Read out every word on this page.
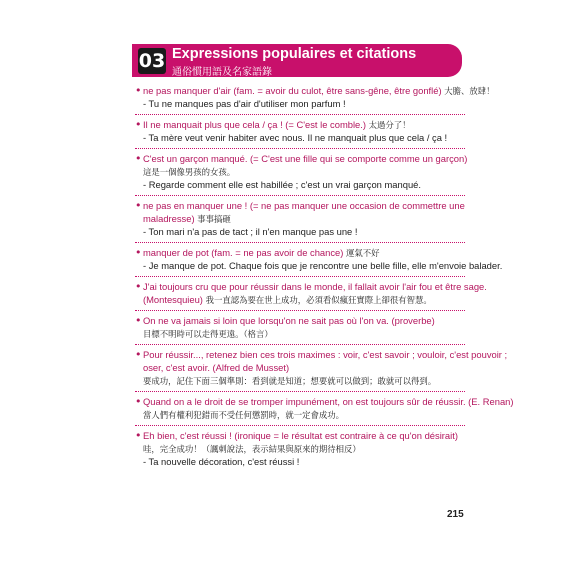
03 Expressions populaires et citations
通俗慣用語及名家語錄
• ne pas manquer d'air (fam. = avoir du culot, être sans-gêne, être gonflé) 大膽、放肆！
- Tu ne manques pas d'air d'utiliser mon parfum !
• Il ne manquait plus que cela / ça ! (= C'est le comble.) 太過分了！
- Ta mère veut venir habiter avec nous. Il ne manquait plus que cela / ça !
• C'est un garçon manqué. (= C'est une fille qui se comporte comme un garçon)
這是一個像男孩的女孩。
- Regarde comment elle est habillée ; c'est un vrai garçon manqué.
• ne pas en manquer une ! (= ne pas manquer une occasion de commettre une
maladresse) 事事搞砸
- Ton mari n'a pas de tact ; il n'en manque pas une !
• manquer de pot (fam. = ne pas avoir de chance) 運氣不好
- Je manque de pot. Chaque fois que je rencontre une belle fille, elle m'envoie balader.
• J'ai toujours cru que pour réussir dans le monde, il fallait avoir l'air fou et être sage.
(Montesquieu) 我一直認為要在世上成功，必須看似瘋狂實際上卻很有智慧。
• On ne va jamais si loin que lorsqu'on ne sait pas où l'on va. (proverbe)
目標不明時可以走得更遠。（格言）
• Pour réussir..., retenez bien ces trois maximes : voir, c'est savoir ; vouloir, c'est pouvoir ;
oser, c'est avoir. (Alfred de Musset)
要成功，記住下面三個準則：看到就是知道；想要就可以做到；敢就可以得到。
• Quand on a le droit de se tromper impunément, on est toujours sûr de réussir. (E. Renan)
當人們有權利犯錯而不受任何懲罰時，就一定會成功。
• Eh bien, c'est réussi ! (ironique = le résultat est contraire à ce qu'on désirait)
哇，完全成功！（諷刺說法，表示結果與原來的期待相反）
- Ta nouvelle décoration, c'est réussi !
215
